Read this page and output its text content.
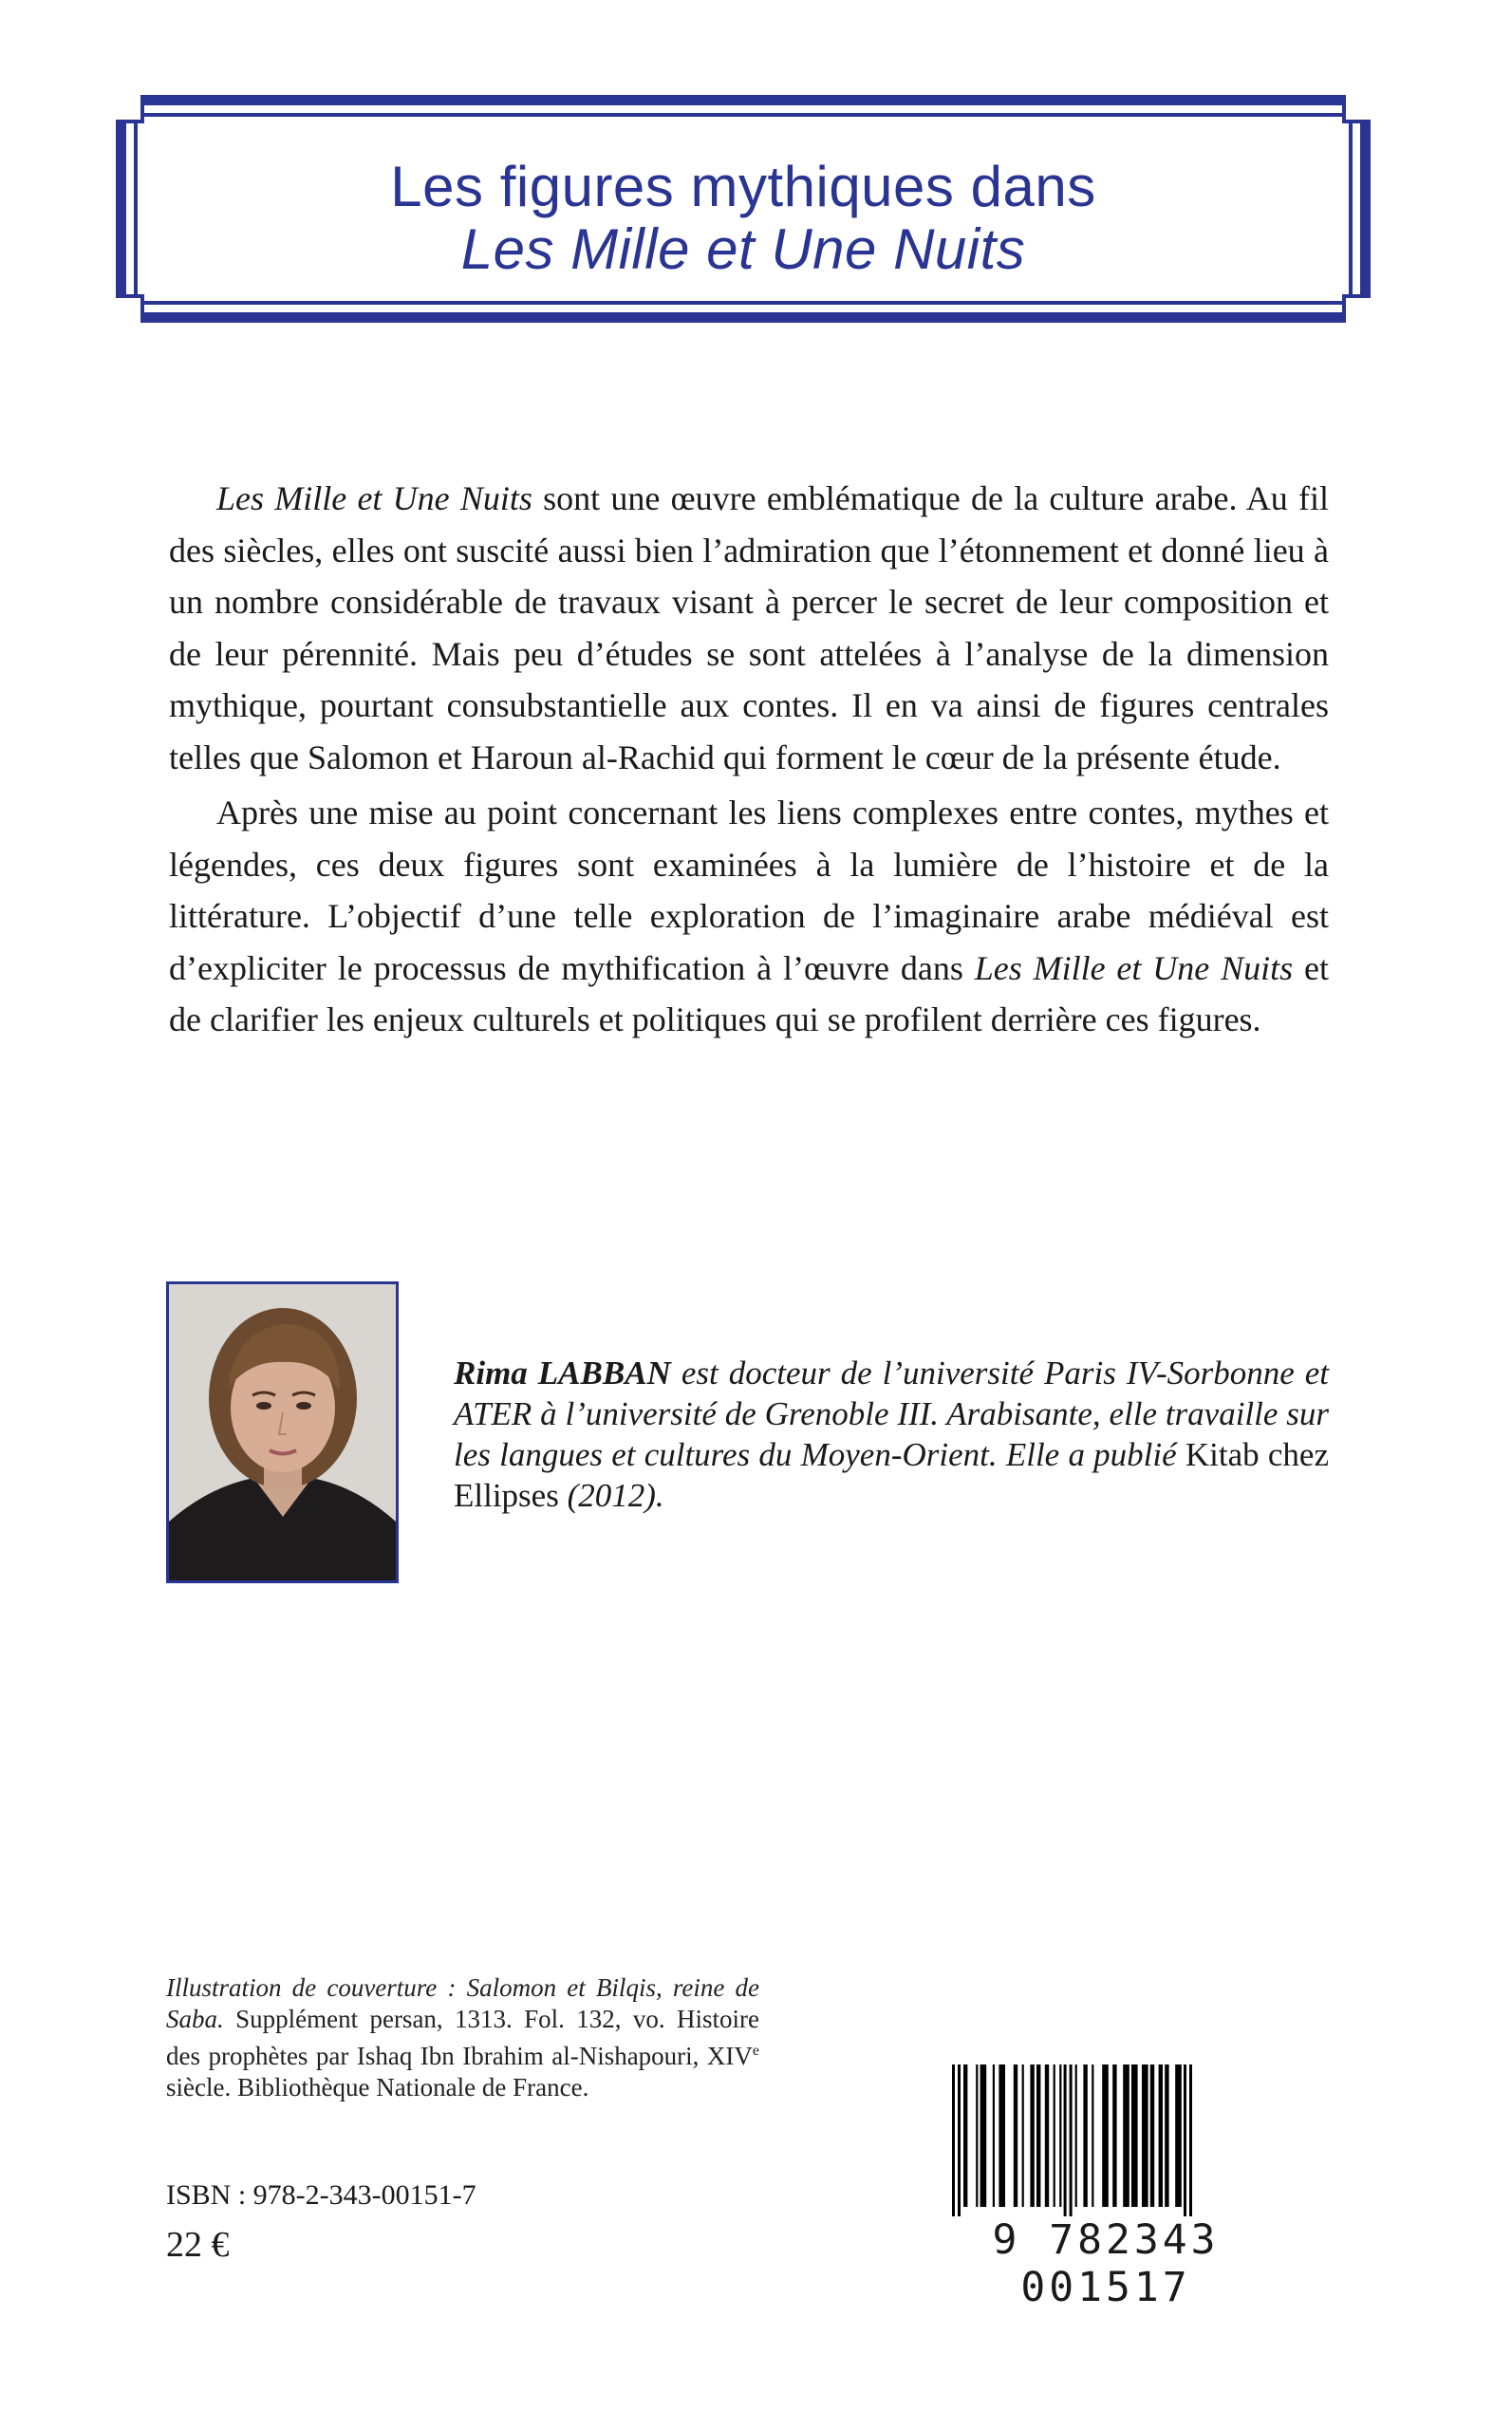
Les figures mythiques dans
Les Mille et Une Nuits

Les Mille et Une Nuits sont une œuvre emblématique de la culture arabe. Au fil des siècles, elles ont suscité aussi bien l’admiration que l’étonnement et donné lieu à un nombre considérable de travaux visant à percer le secret de leur composition et de leur pérennité. Mais peu d’études se sont attelées à l’analyse de la dimension mythique, pourtant consubstantielle aux contes. Il en va ainsi de figures centrales telles que Salomon et Haroun al-Rachid qui forment le cœur de la présente étude.

Après une mise au point concernant les liens complexes entre contes, mythes et légendes, ces deux figures sont examinées à la lumière de l’histoire et de la littérature. L’objectif d’une telle exploration de l’imaginaire arabe médiéval est d’expliciter le processus de mythification à l’œuvre dans Les Mille et Une Nuits et de clarifier les enjeux culturels et politiques qui se profilent derrière ces figures.

Rima LABBAN est docteur de l’université Paris IV-Sorbonne et ATER à l’université de Grenoble III. Arabisante, elle travaille sur les langues et cultures du Moyen-Orient. Elle a publié Kitab chez Ellipses (2012).
Illustration de couverture : Salomon et Bilqis, reine de Saba. Supplément persan, 1313. Fol. 132, vo. Histoire des prophètes par Ishaq Ibn Ibrahim al-Nishapouri, XIVe siècle. Bibliothèque Nationale de France.
ISBN : 978-2-343-00151-7
22 €	9 782343 001517
